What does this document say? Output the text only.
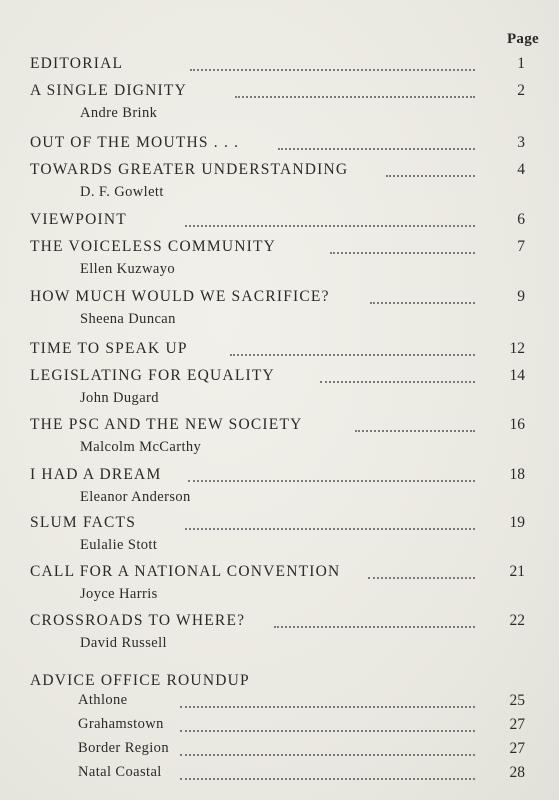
Page
EDITORIAL	1
A SINGLE DIGNITY	2
Andre Brink
OUT OF THE MOUTHS . . .	3
TOWARDS GREATER UNDERSTANDING	4
D. F. Gowlett
VIEWPOINT	6
THE VOICELESS COMMUNITY	7
Ellen Kuzwayo
HOW MUCH WOULD WE SACRIFICE?	9
Sheena Duncan
TIME TO SPEAK UP	12
LEGISLATING FOR EQUALITY	14
John Dugard
THE PSC AND THE NEW SOCIETY	16
Malcolm McCarthy
I HAD A DREAM	18
Eleanor Anderson
SLUM FACTS	19
Eulalie Stott
CALL FOR A NATIONAL CONVENTION	21
Joyce Harris
CROSSROADS TO WHERE?	22
David Russell
ADVICE OFFICE ROUNDUP
Athlone	25
Grahamstown	27
Border Region	27
Natal Coastal	28
